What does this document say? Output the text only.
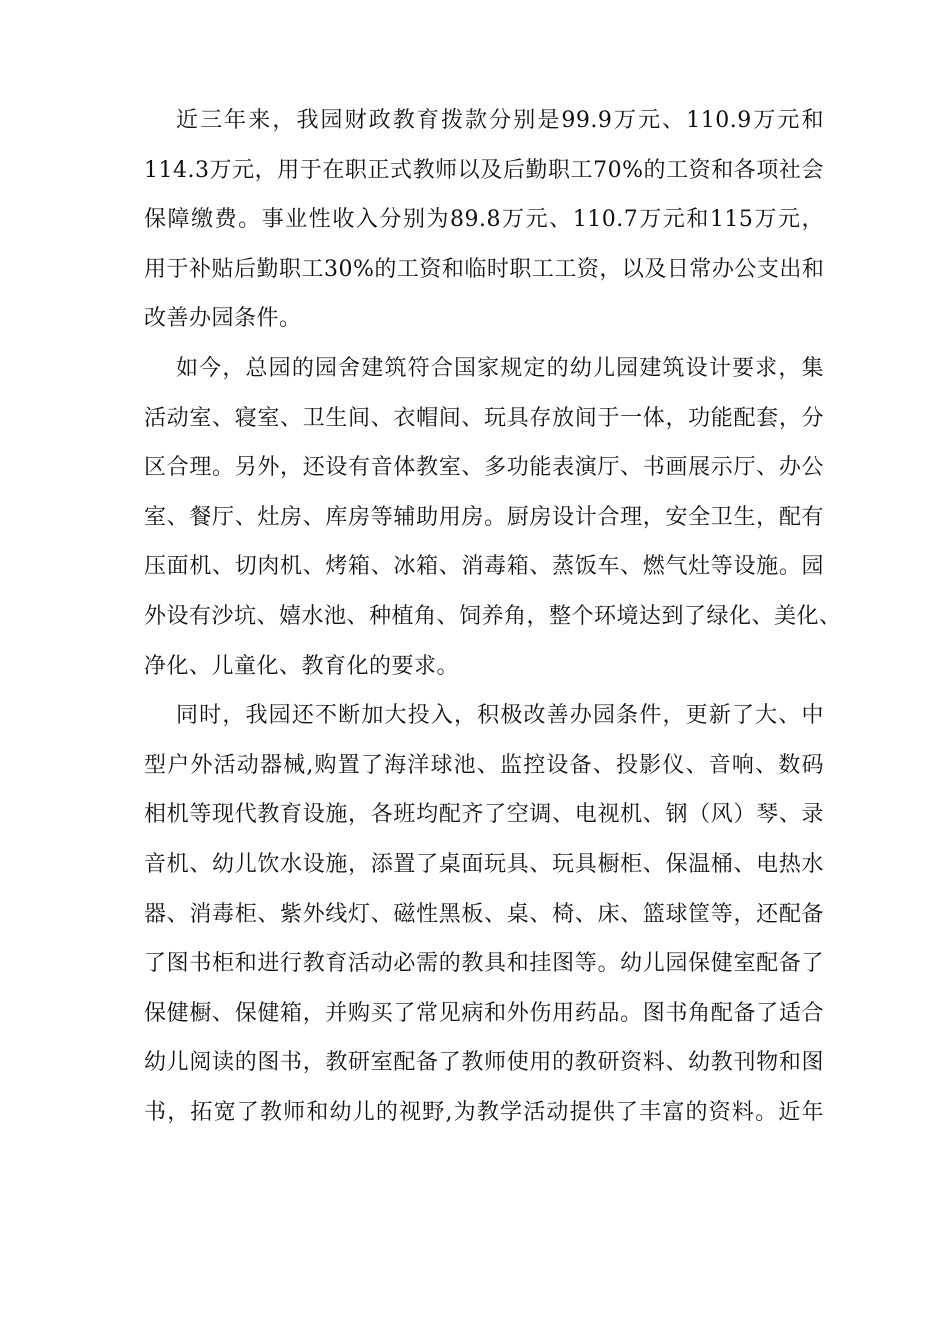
近三年来，我园财政教育拨款分别是99.9万元、110.9万元和
114.3万元，用于在职正式教师以及后勤职工70%的工资和各项社会
保障缴费。事业性收入分别为89.8万元、110.7万元和115万元，
用于补贴后勤职工30%的工资和临时职工工资，以及日常办公支出和
改善办园条件。
如今，总园的园舍建筑符合国家规定的幼儿园建筑设计要求，集
活动室、寝室、卫生间、衣帽间、玩具存放间于一体，功能配套，分
区合理。另外，还设有音体教室、多功能表演厅、书画展示厅、办公
室、餐厅、灶房、库房等辅助用房。厨房设计合理，安全卫生，配有
压面机、切肉机、烤箱、冰箱、消毒箱、蒸饭车、燃气灶等设施。园
外设有沙坑、嬉水池、种植角、饲养角，整个环境达到了绿化、美化、
净化、儿童化、教育化的要求。
同时，我园还不断加大投入，积极改善办园条件，更新了大、中
型户外活动器械,购置了海洋球池、监控设备、投影仪、音响、数码
相机等现代教育设施，各班均配齐了空调、电视机、钢（风）琴、录
音机、幼儿饮水设施，添置了桌面玩具、玩具橱柜、保温桶、电热水
器、消毒柜、紫外线灯、磁性黑板、桌、椅、床、篮球筐等，还配备
了图书柜和进行教育活动必需的教具和挂图等。幼儿园保健室配备了
保健橱、保健箱，并购买了常见病和外伤用药品。图书角配备了适合
幼儿阅读的图书，教研室配备了教师使用的教研资料、幼教刊物和图
书，拓宽了教师和幼儿的视野,为教学活动提供了丰富的资料。近年
